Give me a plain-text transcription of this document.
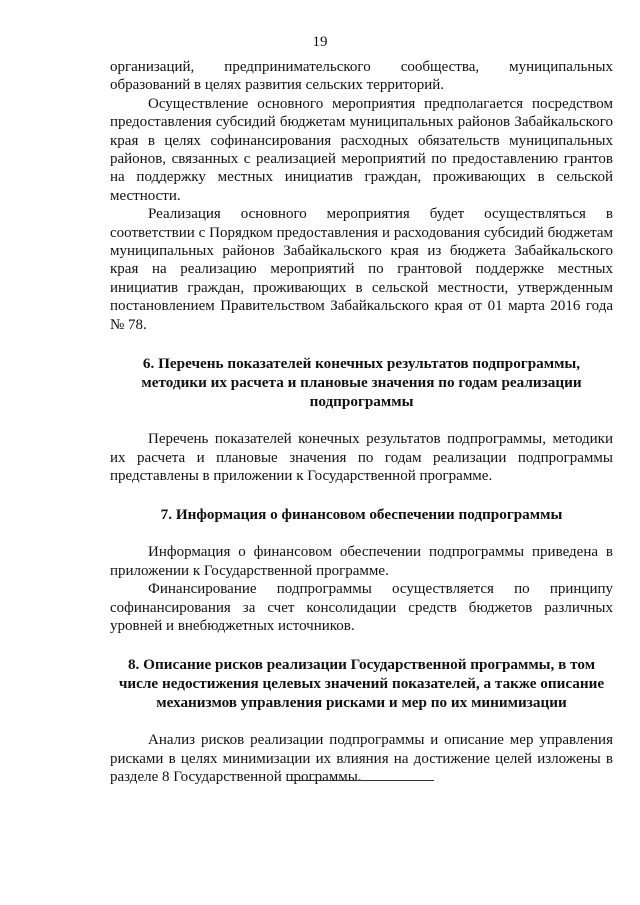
19

организаций, предпринимательского сообщества, муниципальных образований в целях развития сельских территорий.

Осуществление основного мероприятия предполагается посредством предоставления субсидий бюджетам муниципальных районов Забайкальского края в целях софинансирования расходных обязательств муниципальных районов, связанных с реализацией мероприятий по предоставлению грантов на поддержку местных инициатив граждан, проживающих в сельской местности.

Реализация основного мероприятия будет осуществляться в соответствии с Порядком предоставления и расходования субсидий бюджетам муниципальных районов Забайкальского края из бюджета Забайкальского края на реализацию мероприятий по грантовой поддержке местных инициатив граждан, проживающих в сельской местности, утвержденным постановлением Правительством Забайкальского края от 01 марта 2016 года № 78.

6. Перечень показателей конечных результатов подпрограммы, методики их расчета и плановые значения по годам реализации подпрограммы

Перечень показателей конечных результатов подпрограммы, методики их расчета и плановые значения по годам реализации подпрограммы представлены в приложении к Государственной программе.

7. Информация о финансовом обеспечении подпрограммы

Информация о финансовом обеспечении подпрограммы приведена в приложении к Государственной программе.

Финансирование подпрограммы осуществляется по принципу софинансирования за счет консолидации средств бюджетов различных уровней и внебюджетных источников.

8. Описание рисков реализации Государственной программы, в том числе недостижения целевых значений показателей, а также описание механизмов управления рисками и мер по их минимизации

Анализ рисков реализации подпрограммы и описание мер управления рисками в целях минимизации их влияния на достижение целей изложены в разделе 8 Государственной программы.
